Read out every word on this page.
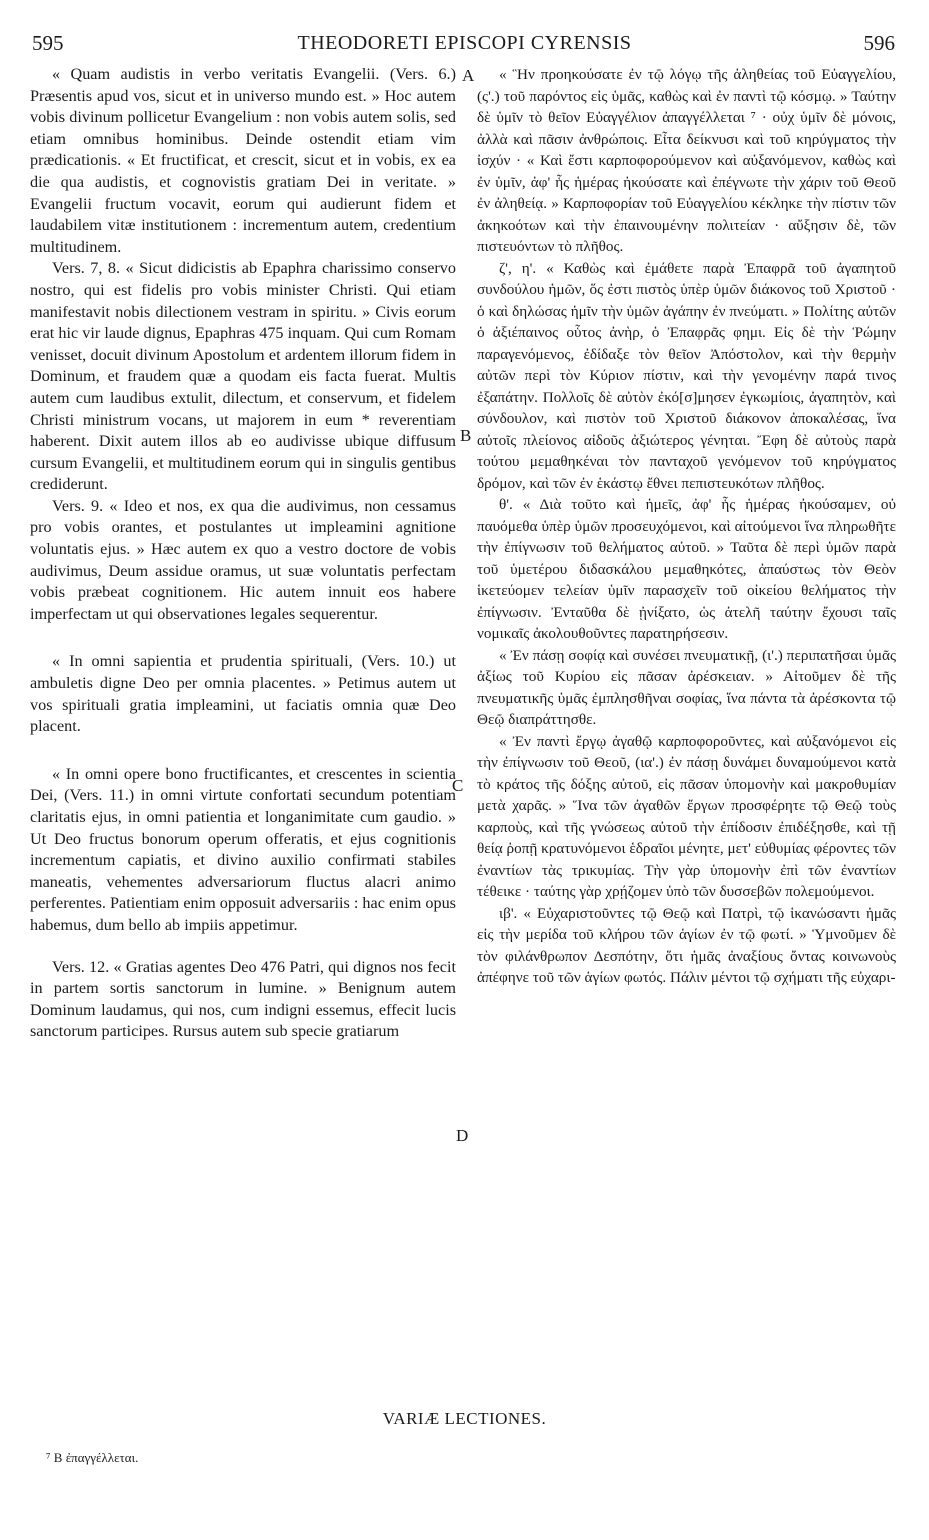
595	THEODORETI EPISCOPI CYRENSIS	596

« Quam audistis in verbo veritatis Evangelii. (Vers. 6.) Præsentis apud vos, sicut et in universo mundo est. » Hoc autem vobis divinum pollicetur Evangelium : non vobis autem solis, sed etiam omnibus hominibus. Deinde ostendit etiam vim prædicationis. « Et fructificat, et crescit, sicut et in vobis, ex ea die qua audistis, et cognovistis gratiam Dei in veritate. » Evangelii fructum vocavit, eorum qui audierunt fidem et laudabilem vitæ institutionem : incrementum autem, credentium multitudinem.

Vers. 7, 8. « Sicut didicistis ab Epaphra charissimo conservo nostro, qui est fidelis pro vobis minister Christi. Qui etiam manifestavit nobis dilectionem vestram in spiritu. » Civis eorum erat hic vir laude dignus, Epaphras 475 inquam. Qui cum Romam venisset, docuit divinum Apostolum et ardentem illorum fidem in Dominum, et fraudem quæ a quodam eis facta fuerat. Multis autem cum laudibus extulit, dilectum, et conservum, et fidelem Christi ministrum vocans, ut majorem in eum * reverentiam haberent. Dixit autem illos ab eo audivisse ubique diffusum cursum Evangelii, et multitudinem eorum qui in singulis gentibus crediderunt.

Vers. 9. « Ideo et nos, ex qua die audivimus, non cessamus pro vobis orantes, et postulantes ut impleamini agnitione voluntatis ejus. » Hæc autem ex quo a vestro doctore de vobis audivimus, Deum assidue oramus, ut suæ voluntatis perfectam vobis præbeat cognitionem. Hic autem innuit eos habere imperfectam ut qui observationes legales sequerentur.

« In omni sapientia et prudentia spirituali, (Vers. 10.) ut ambuletis digne Deo per omnia placentes. » Petimus autem ut vos spirituali gratia impleamini, ut faciatis omnia quæ Deo placent.

« In omni opere bono fructificantes, et crescentes in scientia Dei, (Vers. 11.) in omni virtute confortati secundum potentiam claritatis ejus, in omni patientia et longanimitate cum gaudio. » Ut Deo fructus bonorum operum offeratis, et ejus cognitionis incrementum capiatis, et divino auxilio confirmati stabiles maneatis, vehementes adversariorum fluctus alacri animo perferentes. Patientiam enim opposuit adversariis : hac enim opus habemus, dum bello ab impiis appetimur.

Vers. 12. « Gratias agentes Deo 476 Patri, qui dignos nos fecit in partem sortis sanctorum in lumine. » Benignum autem Dominum laudamus, qui nos, cum indigni essemus, effecit lucis sanctorum participes. Rursus autem sub specie gratiarum

A
B
C
D

« Ἣν προηκούσατε ἐν τῷ λόγῳ τῆς ἀληθείας τοῦ Εὐαγγελίου, (ς'.) τοῦ παρόντος εἰς ὑμᾶς, καθὼς καὶ ἐν παντὶ τῷ κόσμῳ. » Ταύτην δὲ ὑμῖν τὸ θεῖον Εὐαγγέλιον ἀπαγγέλλεται ⁷ · οὐχ ὑμῖν δὲ μόνοις, ἀλλὰ καὶ πᾶσιν ἀνθρώποις. Εἶτα δείκνυσι καὶ τοῦ κηρύγματος τὴν ἰσχύν · « Καὶ ἔστι καρποφορούμενον καὶ αὐξανόμενον, καθὼς καὶ ἐν ὑμῖν, ἀφ' ἧς ἡμέρας ἠκούσατε καὶ ἐπέγνωτε τὴν χάριν τοῦ Θεοῦ ἐν ἀληθείᾳ. » Καρποφορίαν τοῦ Εὐαγγελίου κέκληκε τὴν πίστιν τῶν ἀκηκοότων καὶ τὴν ἐπαινουμένην πολιτείαν · αὔξησιν δὲ, τῶν πιστευόντων τὸ πλῆθος.

ζ', η'. « Καθὼς καὶ ἐμάθετε παρὰ Ἐπαφρᾶ τοῦ ἀγαπητοῦ συνδούλου ἡμῶν, ὅς ἐστι πιστὸς ὑπὲρ ὑμῶν διάκονος τοῦ Χριστοῦ · ὁ καὶ δηλώσας ἡμῖν τὴν ὑμῶν ἀγάπην ἐν πνεύματι. » Πολίτης αὐτῶν ὁ ἀξιέπαινος οὗτος ἀνὴρ, ὁ Ἐπαφρᾶς φημι. Εἰς δὲ τὴν Ῥώμην παραγενόμενος, ἐδίδαξε τὸν θεῖον Ἀπόστολον, καὶ τὴν θερμὴν αὐτῶν περὶ τὸν Κύριον πίστιν, καὶ τὴν γενομένην παρά τινος ἐξαπάτην. Πολλοῖς δὲ αὐτὸν ἐκό[σ]μησεν ἐγκωμίοις, ἀγαπητὸν, καὶ σύνδουλον, καὶ πιστὸν τοῦ Χριστοῦ διάκονον ἀποκαλέσας, ἵνα αὐτοῖς πλείονος αἰδοῦς ἀξιώτερος γένηται. Ἔφη δὲ αὐτοὺς παρὰ τούτου μεμαθηκέναι τὸν πανταχοῦ γενόμενον τοῦ κηρύγματος δρόμον, καὶ τῶν ἐν ἑκάστῳ ἔθνει πεπιστευκότων πλῆθος.

θ'. « Διὰ τοῦτο καὶ ἡμεῖς, ἀφ' ἧς ἡμέρας ἠκούσαμεν, οὐ παυόμεθα ὑπὲρ ὑμῶν προσευχόμενοι, καὶ αἰτούμενοι ἵνα πληρωθῆτε τὴν ἐπίγνωσιν τοῦ θελήματος αὐτοῦ. » Ταῦτα δὲ περὶ ὑμῶν παρὰ τοῦ ὑμετέρου διδασκάλου μεμαθηκότες, ἀπαύστως τὸν Θεὸν ἱκετεύομεν τελείαν ὑμῖν παρασχεῖν τοῦ οἰκείου θελήματος τὴν ἐπίγνωσιν. Ἐνταῦθα δὲ ᾐνίξατο, ὡς ἀτελῆ ταύτην ἔχουσι ταῖς νομικαῖς ἀκολουθοῦντες παρατηρήσεσιν.

« Ἐν πάσῃ σοφίᾳ καὶ συνέσει πνευματικῇ, (ι'.) περιπατῆσαι ὑμᾶς ἀξίως τοῦ Κυρίου εἰς πᾶσαν ἀρέσκειαν. » Αἰτοῦμεν δὲ τῆς πνευματικῆς ὑμᾶς ἐμπλησθῆναι σοφίας, ἵνα πάντα τὰ ἀρέσκοντα τῷ Θεῷ διαπράττησθε.

« Ἐν παντὶ ἔργῳ ἀγαθῷ καρποφοροῦντες, καὶ αὐξανόμενοι εἰς τὴν ἐπίγνωσιν τοῦ Θεοῦ, (ια'.) ἐν πάσῃ δυνάμει δυναμούμενοι κατὰ τὸ κράτος τῆς δόξης αὐτοῦ, εἰς πᾶσαν ὑπομονὴν καὶ μακροθυμίαν μετὰ χαρᾶς. » Ἵνα τῶν ἀγαθῶν ἔργων προσφέρητε τῷ Θεῷ τοὺς καρποὺς, καὶ τῆς γνώσεως αὐτοῦ τὴν ἐπίδοσιν ἐπιδέξησθε, καὶ τῇ θείᾳ ῥοπῇ κρατυνόμενοι ἑδραῖοι μένητε, μετ' εὐθυμίας φέροντες τῶν ἐναντίων τὰς τρικυμίας. Τὴν γὰρ ὑπομονὴν ἐπὶ τῶν ἐναντίων τέθεικε · ταύτης γὰρ χρῄζομεν ὑπὸ τῶν δυσσεβῶν πολεμούμενοι.

ιβ'. « Εὐχαριστοῦντες τῷ Θεῷ καὶ Πατρὶ, τῷ ἱκανώσαντι ἡμᾶς εἰς τὴν μερίδα τοῦ κλήρου τῶν ἁγίων ἐν τῷ φωτί. » Ὑμνοῦμεν δὲ τὸν φιλάνθρωπον Δεσπότην, ὅτι ἡμᾶς ἀναξίους ὄντας κοινωνοὺς ἀπέφηνε τοῦ τῶν ἁγίων φωτός. Πάλιν μέντοι τῷ σχήματι τῆς εὐχαρι-

VARIÆ LECTIONES.
⁷ B ἐπαγγέλλεται.
